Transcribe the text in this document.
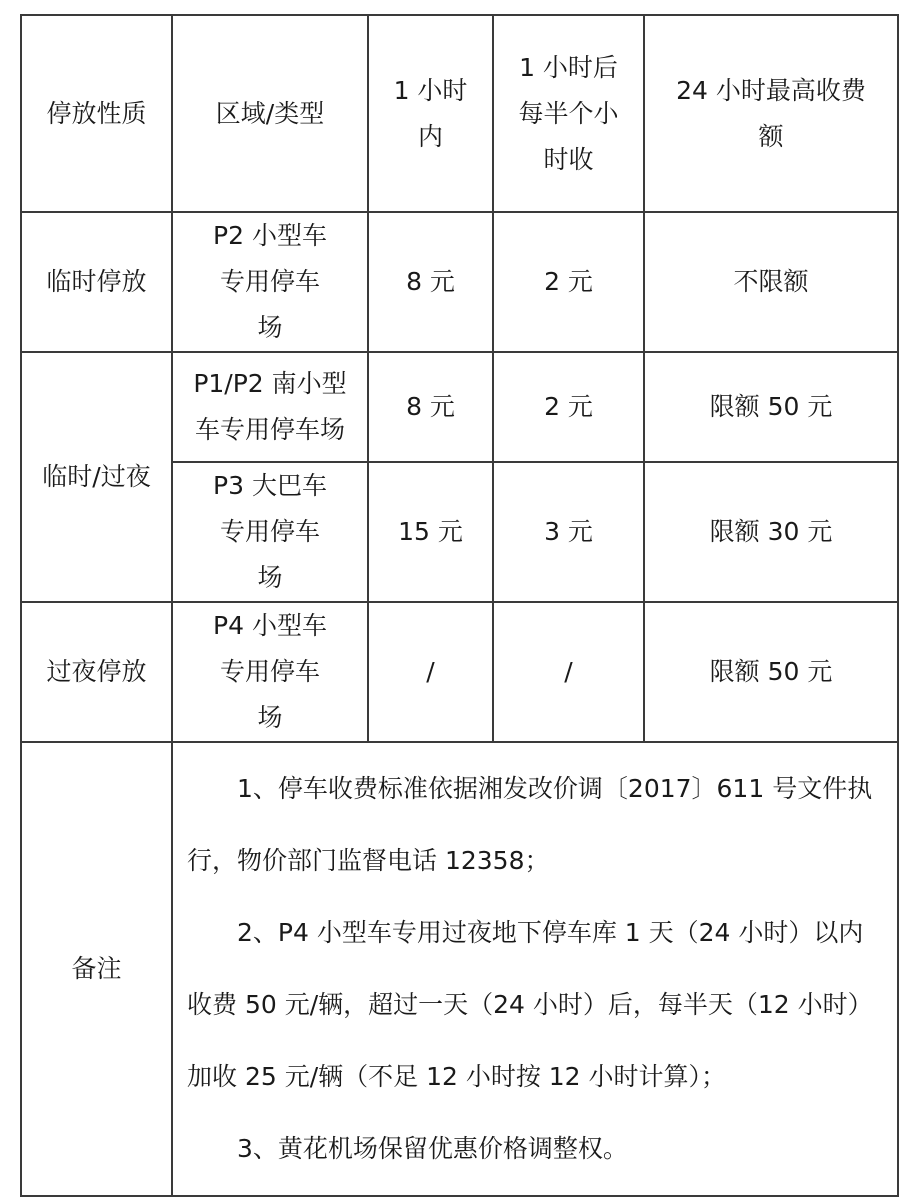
停放性质	区域/类型	1 小时内	1 小时后每半个小时收	24 小时最高收费额
临时停放	P2 小型车专用停车场	8 元	2 元	不限额
临时/过夜	P1/P2 南小型车专用停车场	8 元	2 元	限额 50 元
	P3 大巴车专用停车场	15 元	3 元	限额 30 元
过夜停放	P4 小型车专用停车场	/	/	限额 50 元
备注	1、停车收费标准依据湘发改价调〔2017〕611 号文件执行，物价部门监督电话 12358；

2、P4 小型车专用过夜地下停车库 1 天（24 小时）以内收费 50 元/辆，超过一天（24 小时）后，每半天（12 小时）加收 25 元/辆（不足 12 小时按 12 小时计算）；

3、黄花机场保留优惠价格调整权。			
